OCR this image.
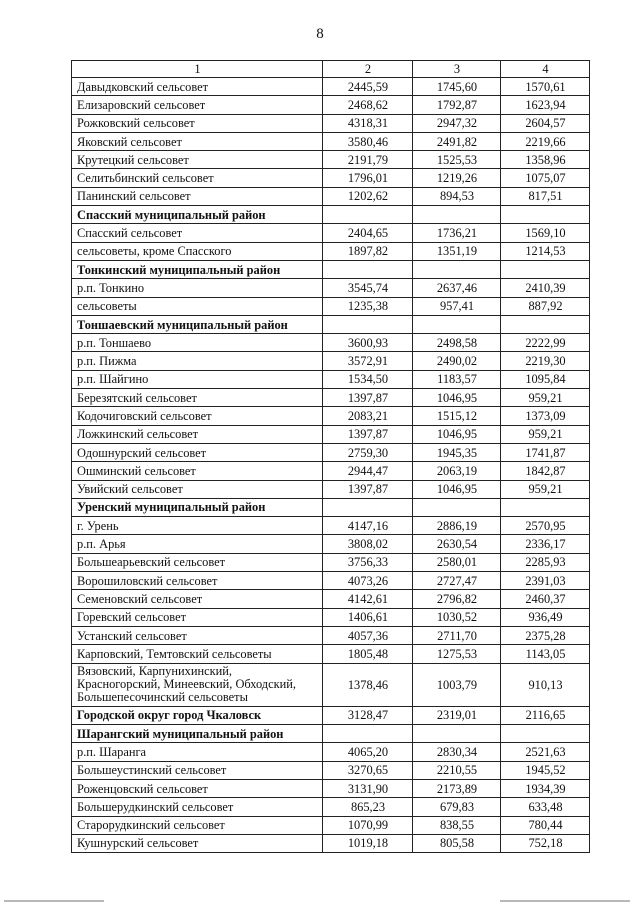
8
1	2	3	4
Давыдковский сельсовет	2445,59	1745,60	1570,61
Елизаровский сельсовет	2468,62	1792,87	1623,94
Рожковский сельсовет	4318,31	2947,32	2604,57
Яковский сельсовет	3580,46	2491,82	2219,66
Крутецкий сельсовет	2191,79	1525,53	1358,96
Селитьбинский сельсовет	1796,01	1219,26	1075,07
Панинский сельсовет	1202,62	894,53	817,51
Спасский муниципальный район			
Спасский сельсовет	2404,65	1736,21	1569,10
сельсоветы, кроме Спасского	1897,82	1351,19	1214,53
Тонкинский муниципальный район			
р.п. Тонкино	3545,74	2637,46	2410,39
сельсоветы	1235,38	957,41	887,92
Тоншаевский муниципальный район			
р.п. Тоншаево	3600,93	2498,58	2222,99
р.п. Пижма	3572,91	2490,02	2219,30
р.п. Шайгино	1534,50	1183,57	1095,84
Березятский сельсовет	1397,87	1046,95	959,21
Кодочиговский сельсовет	2083,21	1515,12	1373,09
Ложкинский сельсовет	1397,87	1046,95	959,21
Одошнурский сельсовет	2759,30	1945,35	1741,87
Ошминский сельсовет	2944,47	2063,19	1842,87
Увийский сельсовет	1397,87	1046,95	959,21
Уренский муниципальный район			
г. Урень	4147,16	2886,19	2570,95
р.п. Арья	3808,02	2630,54	2336,17
Большеарьевский сельсовет	3756,33	2580,01	2285,93
Ворошиловский сельсовет	4073,26	2727,47	2391,03
Семеновский сельсовет	4142,61	2796,82	2460,37
Горевский сельсовет	1406,61	1030,52	936,49
Устанский сельсовет	4057,36	2711,70	2375,28
Карповский, Темтовский сельсоветы	1805,48	1275,53	1143,05
Вязовский, Карпунихинский, Красногорский, Минеевский, Обходский, Большепесочинский сельсоветы	1378,46	1003,79	910,13
Городской округ город Чкаловск	3128,47	2319,01	2116,65
Шарангский муниципальный район			
р.п. Шаранга	4065,20	2830,34	2521,63
Большеустинский сельсовет	3270,65	2210,55	1945,52
Роженцовский сельсовет	3131,90	2173,89	1934,39
Большерудкинский сельсовет	865,23	679,83	633,48
Старорудкинский сельсовет	1070,99	838,55	780,44
Кушнурский сельсовет	1019,18	805,58	752,18
